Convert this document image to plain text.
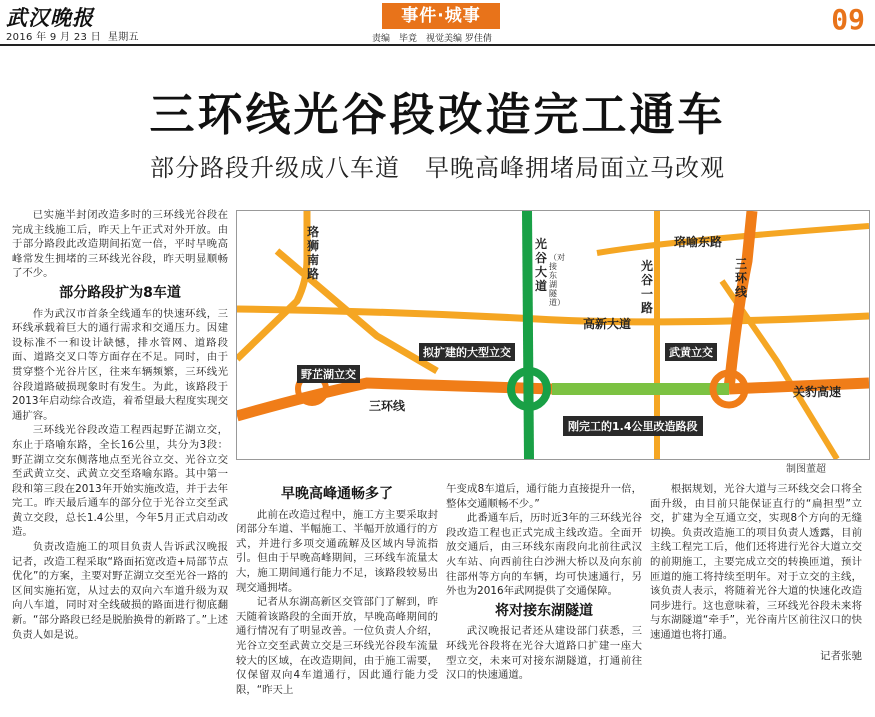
武汉晚报
2016 年 9 月 23 日 星期五
事件·城事
责编　毕竟　视觉美编 罗佳倩
09
三环线光谷段改造完工通车
部分路段升级成八车道　早晚高峰拥堵局面立马改观

已实施半封闭改造多时的三环线光谷段在完成主线施工后，昨天上午正式对外开放。由于部分路段此改造期间拓宽一倍，平时早晚高峰常发生拥堵的三环线光谷段，昨天明显顺畅了不少。

部分路段扩为8车道

作为武汉市首条全线通车的快速环线，三环线承载着巨大的通行需求和交通压力。因建设标准不一和设计缺憾，排水管网、道路段面、道路交叉口等方面存在不足。同时，由于贯穿整个光谷片区，往来车辆频繁，三环线光谷段道路破损现象时有发生。为此，该路段于2013年启动综合改造，着希望最大程度实现交通扩容。

三环线光谷段改造工程西起野芷湖立交，东止于珞喻东路，全长16公里，共分为3段：野芷湖立交东侧落地点至光谷立交、光谷立交至武黄立交、武黄立交至珞喻东路。其中第一段和第三段在2013年开始实施改造，并于去年完工。昨天最后通车的部分位于光谷立交至武黄立交段，总长1.4公里，今年5月正式启动改造。

负责改造施工的项目负责人告诉武汉晚报记者，改造工程采取“路面拓宽改造+局部节点优化”的方案，主要对野芷湖立交至光谷一路的区间实施拓宽，从过去的双向六车道升级为双向八车道，同时对全线破损的路面进行彻底翻新。“部分路段已经是脱胎换骨的新路了。”上述负责人如是说。

珞狮南路
光谷大道
（对接东湖隧道）
珞喻东路
光谷一路
高新大道
三环线
三环线
关豹高速
野芷湖立交
拟扩建的大型立交	武黄立交
刚完工的1.4公里改造路段
制图董超
早晚高峰通畅多了

此前在改造过程中，施工方主要采取封闭部分车道、半幅施工、半幅开放通行的方式，并进行多项交通疏解及区域内导流指引。但由于早晚高峰期间，三环线车流量太大，施工期间通行能力不足，该路段较易出现交通拥堵。

记者从东湖高新区交管部门了解到，昨天随着该路段的全面开放，早晚高峰期间的通行情况有了明显改善。一位负责人介绍，光谷立交至武黄立交是三环线光谷段车流量较大的区域，在改造期间，由于施工需要，仅保留双向4车道通行，因此通行能力受限，“昨天上

午变成8车道后，通行能力直接提升一倍，整体交通顺畅不少。”

此番通车后，历时近3年的三环线光谷段改造工程也正式完成主线改造。全面开放交通后，由三环线东南段向北前往武汉火车站、向西前往白沙洲大桥以及向东前往部州等方向的车辆，均可快速通行，另外也为2016年武网提供了交通保障。

将对接东湖隧道

武汉晚报记者还从建设部门获悉，三环线光谷段将在光谷大道路口扩建一座大型立交，未来可对接东湖隧道，打通前往汉口的快速通道。

根据规划，光谷大道与三环线交会口将全面升级，由目前只能保证直行的“扁担型”立交，扩建为全互通立交，实现8个方向的无缝切换。负责改造施工的项目负责人透露，目前主线工程完工后，他们还将进行光谷大道立交的前期施工，主要完成立交的转换匝道，预计匝道的施工将持续至明年。对于立交的主线，该负责人表示，将随着光谷大道的快速化改造同步进行。这也意味着，三环线光谷段未来将与东湖隧道“牵手”，光谷南片区前往汉口的快速通道也将打通。

记者张驰
